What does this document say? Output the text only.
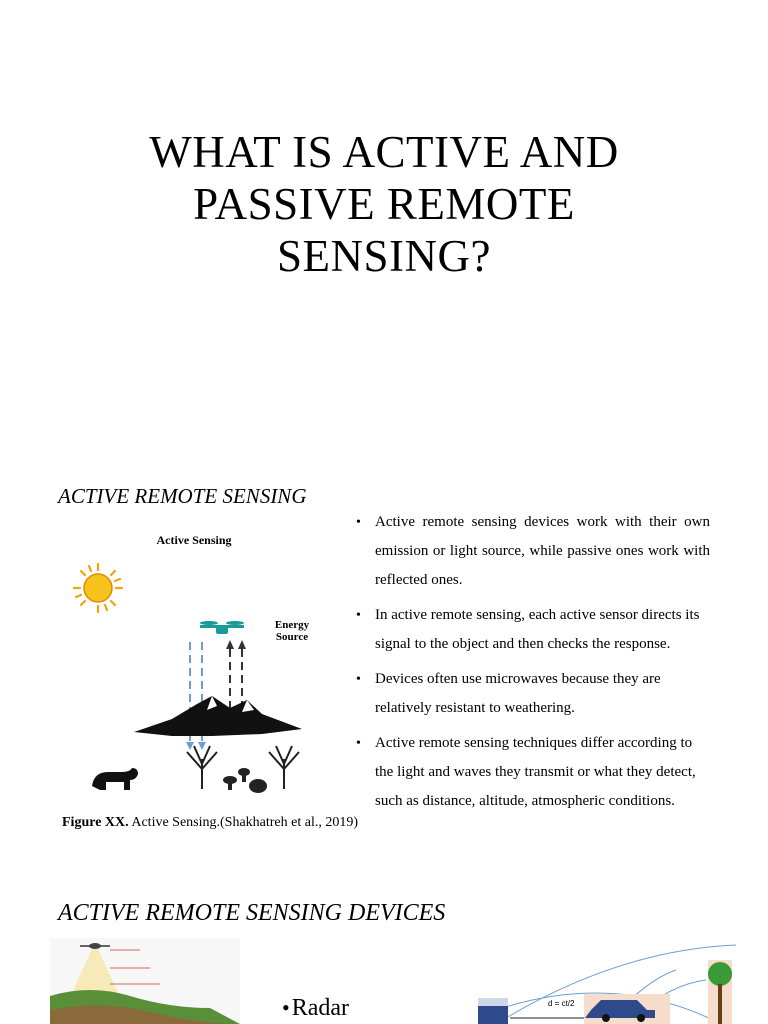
WHAT IS ACTIVE AND PASSIVE REMOTE SENSING?
ACTIVE REMOTE SENSING
Active Sensing
Energy
Source
Figure XX. Active Sensing.(Shakhatreh et al., 2019)
• Active remote sensing devices work with their own emission or light source, while passive ones work with reflected ones.
• In active remote sensing, each active sensor directs its signal to the object and then checks the response.
• Devices often use microwaves because they are relatively resistant to weathering.
• Active remote sensing techniques differ according to the light and waves they transmit or what they detect, such as distance, altitude, atmospheric conditions.
ACTIVE REMOTE SENSING DEVICES
•Radar	d = ct/2
